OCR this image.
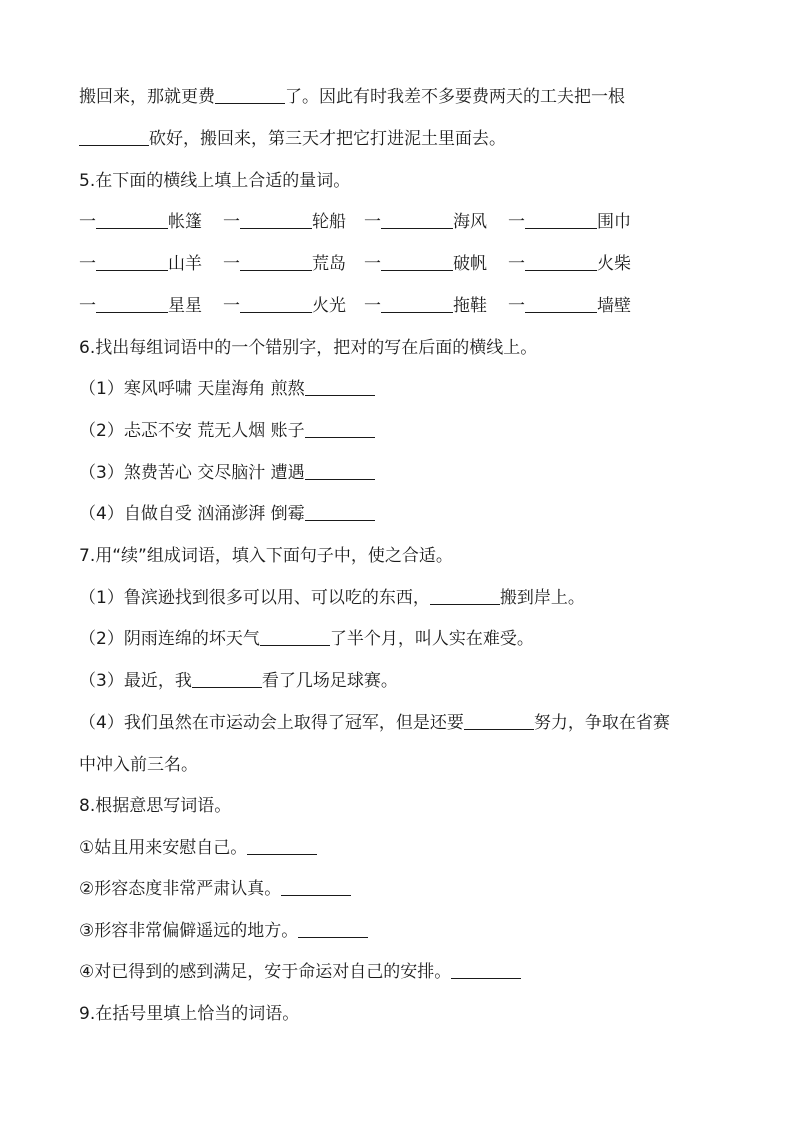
搬回来，那就更费	了。因此有时我差不多要费两天的工夫把一根
砍好，搬回来，第三天才把它打进泥土里面去。
5.在下面的横线上填上合适的量词。
一	帐篷 一	轮船 一	海风 一	围巾
一	山羊 一	荒岛 一	破帆 一	火柴
一	星星 一	火光 一	拖鞋 一	墙壁
6.找出每组词语中的一个错别字，把对的写在后面的横线上。
（1）寒风呼啸 天崖海角 煎熬
（2）忐忑不安 荒无人烟 账子
（3）煞费苦心 交尽脑汁 遭遇
（4）自做自受 汹涌澎湃 倒霉
7.用“续”组成词语，填入下面句子中，使之合适。
（1）鲁滨逊找到很多可以用、可以吃的东西，	搬到岸上。
（2）阴雨连绵的坏天气	了半个月，叫人实在难受。
（3）最近，我	看了几场足球赛。
（4）我们虽然在市运动会上取得了冠军，但是还要	努力，争取在省赛
中冲入前三名。
8.根据意思写词语。
①姑且用来安慰自己。
②形容态度非常严肃认真。
③形容非常偏僻遥远的地方。
④对已得到的感到满足，安于命运对自己的安排。
9.在括号里填上恰当的词语。
